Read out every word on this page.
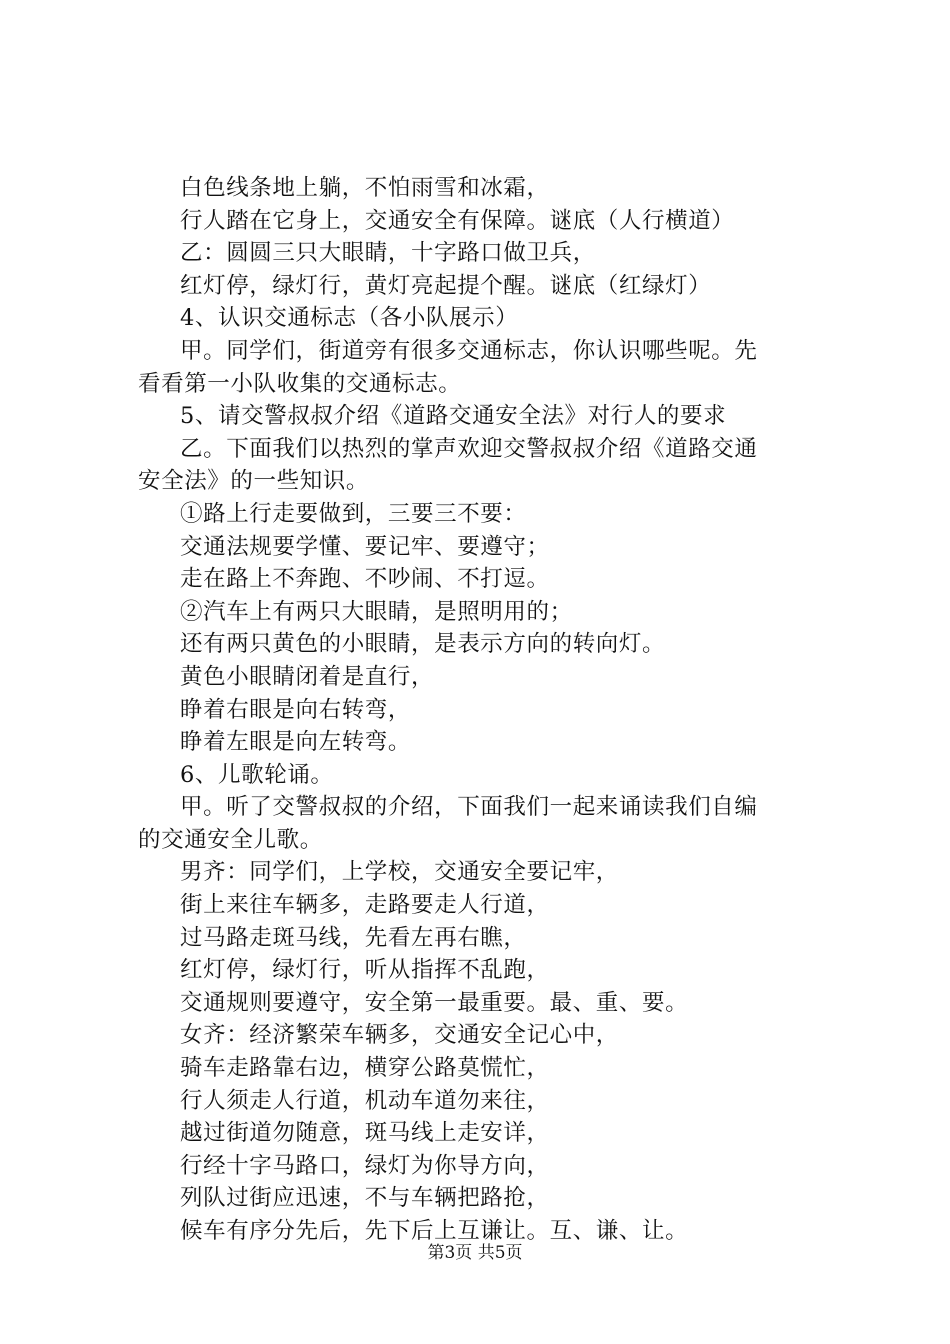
白色线条地上躺，不怕雨雪和冰霜，
行人踏在它身上，交通安全有保障。谜底（人行横道）
乙：圆圆三只大眼睛，十字路口做卫兵，
红灯停，绿灯行，黄灯亮起提个醒。谜底（红绿灯）
4、认识交通标志（各小队展示）
甲。同学们，街道旁有很多交通标志，你认识哪些呢。先
看看第一小队收集的交通标志。
5、请交警叔叔介绍《道路交通安全法》对行人的要求
乙。下面我们以热烈的掌声欢迎交警叔叔介绍《道路交通
安全法》的一些知识。
①路上行走要做到，三要三不要：
交通法规要学懂、要记牢、要遵守；
走在路上不奔跑、不吵闹、不打逗。
②汽车上有两只大眼睛，是照明用的；
还有两只黄色的小眼睛，是表示方向的转向灯。
黄色小眼睛闭着是直行，
睁着右眼是向右转弯，
睁着左眼是向左转弯。
6、儿歌轮诵。
甲。听了交警叔叔的介绍，下面我们一起来诵读我们自编
的交通安全儿歌。
男齐：同学们，上学校，交通安全要记牢，
街上来往车辆多，走路要走人行道，
过马路走斑马线，先看左再右瞧，
红灯停，绿灯行，听从指挥不乱跑，
交通规则要遵守，安全第一最重要。最、重、要。
女齐：经济繁荣车辆多，交通安全记心中，
骑车走路靠右边，横穿公路莫慌忙，
行人须走人行道，机动车道勿来往，
越过街道勿随意，斑马线上走安详，
行经十字马路口，绿灯为你导方向，
列队过街应迅速，不与车辆把路抢，
候车有序分先后，先下后上互谦让。互、谦、让。
第3页 共5页
